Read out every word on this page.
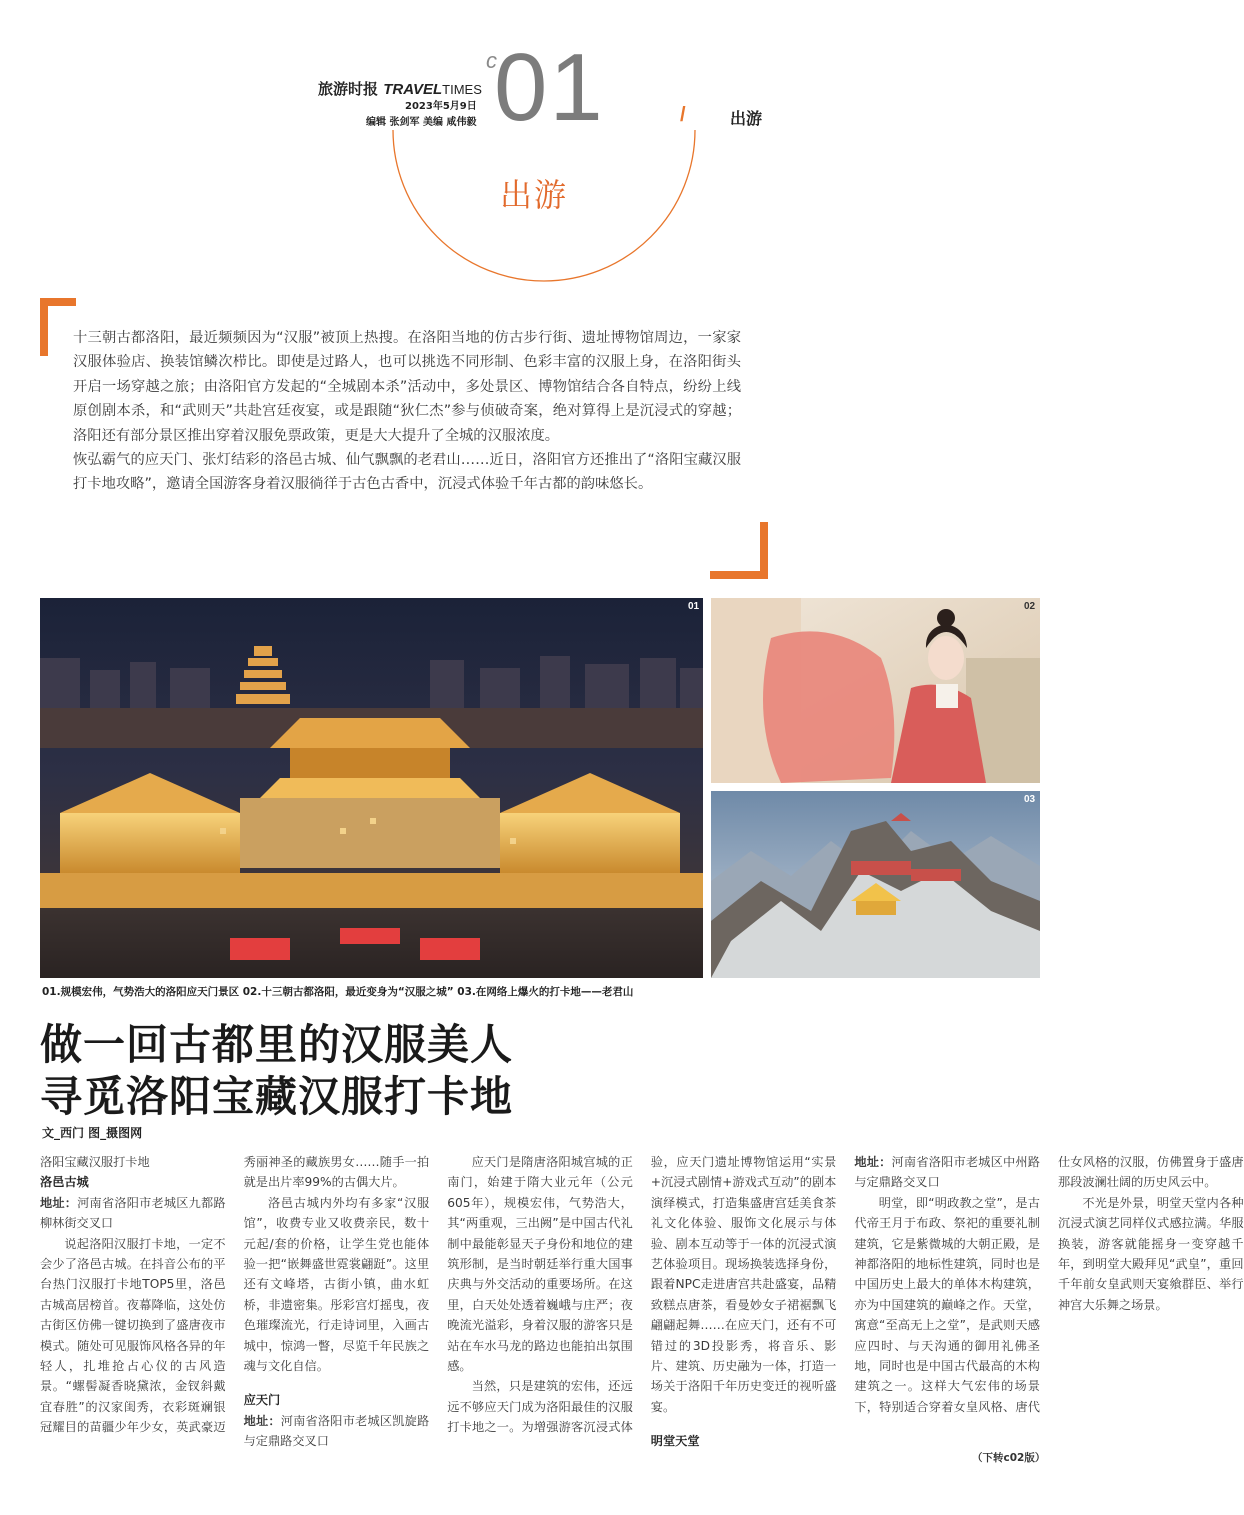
旅游时报 TRAVELTIMES
2023年5月9日
编辑 张剑军 美编 咸伟毅
c
01	/	出游
出游

十三朝古都洛阳，最近频频因为“汉服”被顶上热搜。在洛阳当地的仿古步行街、遗址博物馆周边，一家家汉服体验店、换装馆鳞次栉比。即使是过路人，也可以挑选不同形制、色彩丰富的汉服上身，在洛阳街头开启一场穿越之旅；由洛阳官方发起的“全城剧本杀”活动中，多处景区、博物馆结合各自特点，纷纷上线原创剧本杀，和“武则天”共赴宫廷夜宴，或是跟随“狄仁杰”参与侦破奇案，绝对算得上是沉浸式的穿越；洛阳还有部分景区推出穿着汉服免票政策，更是大大提升了全城的汉服浓度。

恢弘霸气的应天门、张灯结彩的洛邑古城、仙气飘飘的老君山……近日，洛阳官方还推出了“洛阳宝藏汉服打卡地攻略”，邀请全国游客身着汉服徜徉于古色古香中，沉浸式体验千年古都的韵味悠长。

01	02
03
01.规模宏伟，气势浩大的洛阳应天门景区 02.十三朝古都洛阳，最近变身为“汉服之城” 03.在网络上爆火的打卡地——老君山
做一回古都里的汉服美人
寻觅洛阳宝藏汉服打卡地
文_西门 图_摄图网

洛阳宝藏汉服打卡地

洛邑古城

地址：河南省洛阳市老城区九都路柳林街交叉口

说起洛阳汉服打卡地，一定不会少了洛邑古城。在抖音公布的平台热门汉服打卡地TOP5里，洛邑古城高居榜首。夜幕降临，这处仿古街区仿佛一键切换到了盛唐夜市模式。随处可见服饰风格各异的年轻人，扎堆抢占心仪的古风造景。“螺髻凝香晓黛浓，金钗斜戴宜春胜”的汉家闺秀，衣彩斑斓银冠耀目的苗疆少年少女，英武豪迈秀丽神圣的藏族男女……随手一拍就是出片率99%的古偶大片。

洛邑古城内外均有多家“汉服馆”，收费专业又收费亲民，数十元起/套的价格，让学生党也能体验一把“嵌舞盛世霓裳翩跹”。这里还有文峰塔，古街小镇，曲水虹桥，非遗密集。彤彩宫灯摇曳，夜色璀璨流光，行走诗词里，入画古城中，惊鸿一瞥，尽览千年民族之魂与文化自信。

应天门

地址：河南省洛阳市老城区凯旋路与定鼎路交叉口

应天门是隋唐洛阳城宫城的正南门，始建于隋大业元年（公元605年），规模宏伟，气势浩大，其“两重观，三出阙”是中国古代礼制中最能彰显天子身份和地位的建筑形制，是当时朝廷举行重大国事庆典与外交活动的重要场所。在这里，白天处处透着巍峨与庄严；夜晚流光溢彩，身着汉服的游客只是站在车水马龙的路边也能拍出氛围感。

当然，只是建筑的宏伟，还远远不够应天门成为洛阳最佳的汉服打卡地之一。为增强游客沉浸式体验，应天门遗址博物馆运用“实景+沉浸式剧情+游戏式互动”的剧本演绎模式，打造集盛唐宫廷美食茶礼文化体验、服饰文化展示与体验、剧本互动等于一体的沉浸式演艺体验项目。现场换装选择身份，跟着NPC走进唐宫共赴盛宴，品精致糕点唐茶，看曼妙女子裙裾飘飞翩翩起舞……在应天门，还有不可错过的3D投影秀，将音乐、影片、建筑、历史融为一体，打造一场关于洛阳千年历史变迁的视听盛宴。

明堂天堂

地址：河南省洛阳市老城区中州路与定鼎路交叉口

明堂，即“明政教之堂”，是古代帝王月于布政、祭祀的重要礼制建筑，它是紫微城的大朝正殿，是神都洛阳的地标性建筑，同时也是中国历史上最大的单体木构建筑，亦为中国建筑的巅峰之作。天堂，寓意“至高无上之堂”，是武则天感应四时、与天沟通的御用礼佛圣地，同时也是中国古代最高的木构建筑之一。这样大气宏伟的场景下，特别适合穿着女皇风格、唐代仕女风格的汉服，仿佛置身于盛唐那段波澜壮阔的历史风云中。

不光是外景，明堂天堂内各种沉浸式演艺同样仪式感拉满。华服换装，游客就能摇身一变穿越千年，到明堂大殿拜见“武皇”，重回千年前女皇武则天宴飨群臣、举行神宫大乐舞之场景。

（下转c02版）
